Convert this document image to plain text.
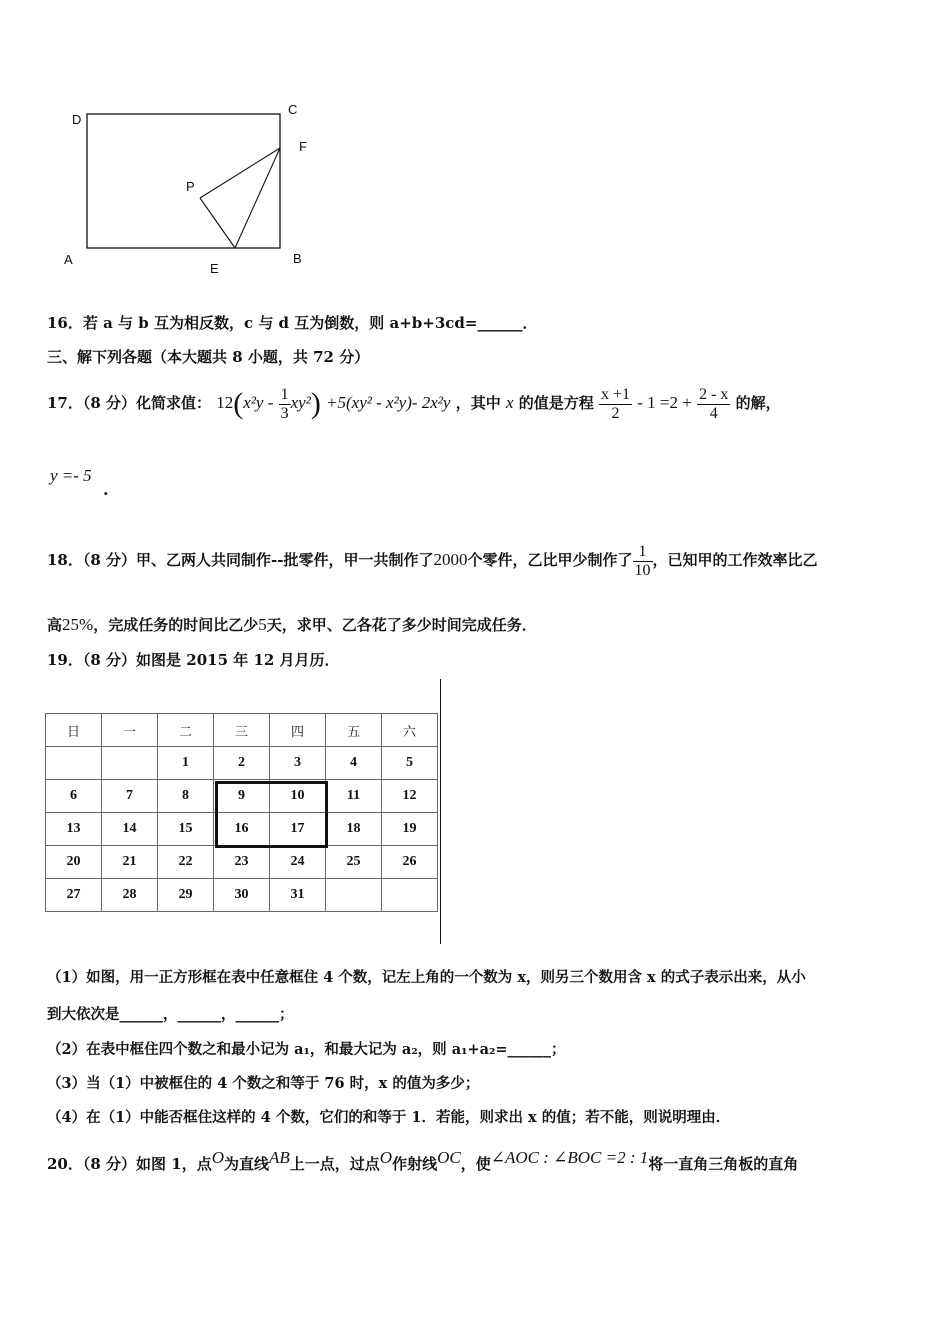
D
C
F
P
A
E
B
16．若 a 与 b 互为相反数，c 与 d 互为倒数，则 a+b+3cd=______．
三、解下列各题（本大题共 8 小题，共 72 分）
17．（8 分）化简求值： $12(x^2y - \frac{1}{3} xy^2) +5(xy^2 - x^2y)-$ 2x²y ，其中 x 的值是方程 $\frac{x +1}{2} - 1 =2 + \frac{2 - x}{4}$ 的解，
y =- 5
.
18．（8 分）甲、乙两人共同制作--批零件，甲一共制作了2000个零件，乙比甲少制作了 $\frac{1}{10}$ ，已知甲的工作效率比乙
高25%，完成任务的时间比乙少5天，求甲、乙各花了多少时间完成任务．
19．（8 分）如图是 2015 年 12 月月历．
日	一	二	三	四	五	六
		1	2	3	4	5
6	7	8	9	10	11	12
13	14	15	16	17	18	19
20	21	22	23	24	25	26
27	28	29	30	31		
（1）如图，用一正方形框在表中任意框住 4 个数，记左上角的一个数为 x，则另三个数用含 x 的式子表示出来，从小
到大依次是______，______，______；
（2）在表中框住四个数之和最小记为 a₁，和最大记为 a₂，则 a₁+a₂=______；
（3）当（1）中被框住的 4 个数之和等于 76 时，x 的值为多少；
（4）在（1）中能否框住这样的 4 个数，它们的和等于 1．若能，则求出 x 的值；若不能，则说明理由．
20．（8 分）如图 1，点O为直线AB上一点，过点O作射线OC，使∠AOC : ∠BOC =2 : 1将一直角三角板的直角
